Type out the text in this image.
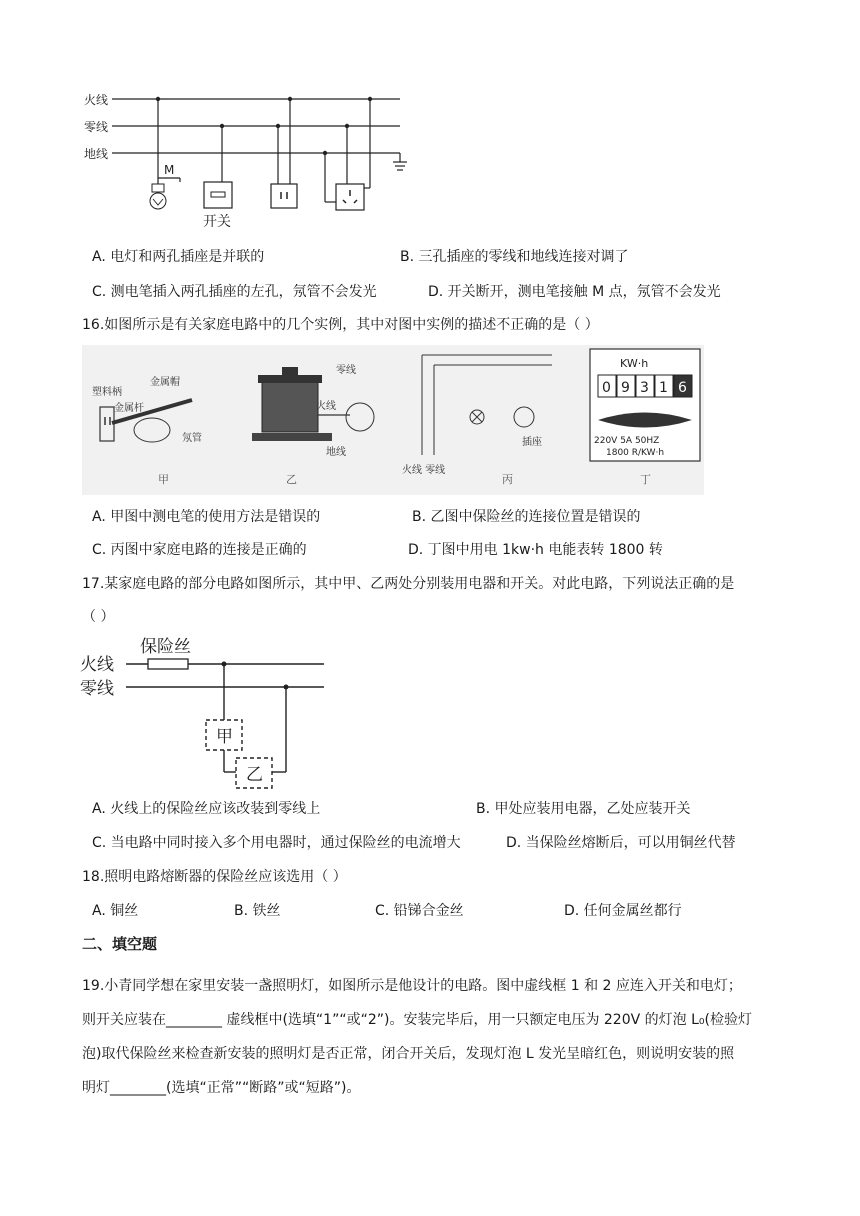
火线
零线
地线
M
开关
A. 电灯和两孔插座是并联的	B. 三孔插座的零线和地线连接对调了
C. 测电笔插入两孔插座的左孔，氖管不会发光	D. 开关断开，测电笔接触 M 点，氖管不会发光
16.如图所示是有关家庭电路中的几个实例，其中对图中实例的描述不正确的是（ ）
塑料柄
金属帽
金属杆
氖管
甲
零线
火线
地线
乙
火线 零线
插座
丙
KW·h
0 9 3 1 6
220V 5A 50HZ
1800 R/KW·h
丁
A. 甲图中测电笔的使用方法是错误的	B. 乙图中保险丝的连接位置是错误的
C. 丙图中家庭电路的连接是正确的	D. 丁图中用电 1kw·h 电能表转 1800 转
17.某家庭电路的部分电路如图所示，其中甲、乙两处分别装用电器和开关。对此电路，下列说法正确的是
（ ）
保险丝
火线
零线
甲
乙
A. 火线上的保险丝应该改装到零线上	B. 甲处应装用电器，乙处应装开关
C. 当电路中同时接入多个用电器时，通过保险丝的电流增大	D. 当保险丝熔断后，可以用铜丝代替
18.照明电路熔断器的保险丝应该选用（ ）
A. 铜丝	B. 铁丝	C. 铅锑合金丝	D. 任何金属丝都行
二、填空题
19.小青同学想在家里安装一盏照明灯，如图所示是他设计的电路。图中虚线框 1 和 2 应连入开关和电灯；
则开关应装在________ 虚线框中(选填“1”“或“2”)。安装完毕后，用一只额定电压为 220V 的灯泡 L₀(检验灯
泡)取代保险丝来检查新安装的照明灯是否正常，闭合开关后，发现灯泡 L 发光呈暗红色，则说明安装的照
明灯________(选填“正常”“断路”或“短路”)。
